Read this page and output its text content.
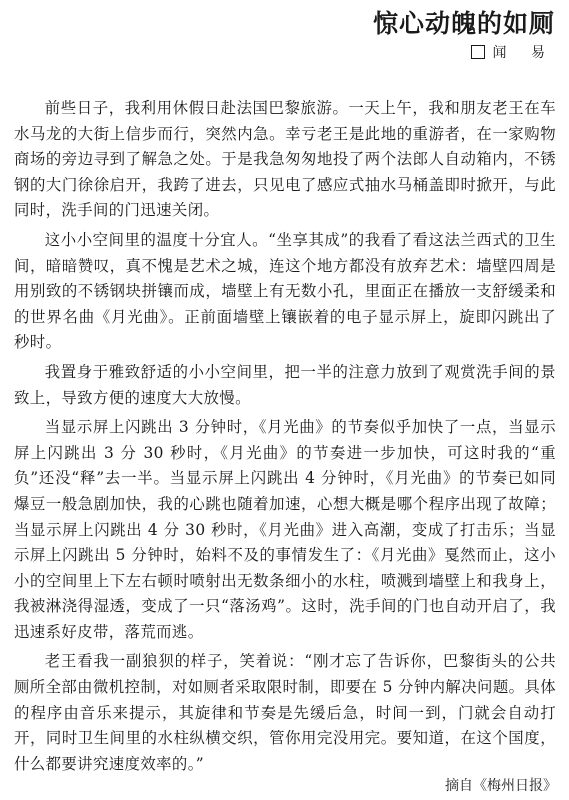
惊心动魄的如厕
闻 易

前些日子，我利用休假日赴法国巴黎旅游。一天上午，我和朋友老王在车水马龙的大街上信步而行，突然内急。幸亏老王是此地的重游者，在一家购物商场的旁边寻到了解急之处。于是我急匆匆地投了两个法郎人自动箱内，不锈钢的大门徐徐启开，我跨了进去，只见电了感应式抽水马桶盖即时掀开，与此同时，洗手间的门迅速关闭。

这小小空间里的温度十分宜人。“坐享其成”的我看了看这法兰西式的卫生间，暗暗赞叹，真不愧是艺术之城，连这个地方都没有放弃艺术：墙壁四周是用别致的不锈钢块拼镶而成，墙壁上有无数小孔，里面正在播放一支舒缓柔和的世界名曲《月光曲》。正前面墙壁上镶嵌着的电子显示屏上，旋即闪跳出了秒时。

我置身于雅致舒适的小小空间里，把一半的注意力放到了观赏洗手间的景致上，导致方便的速度大大放慢。

当显示屏上闪跳出 3 分钟时，《月光曲》的节奏似乎加快了一点，当显示屏上闪跳出 3 分 30 秒时，《月光曲》的节奏进一步加快，可这时我的“重负”还没“释”去一半。当显示屏上闪跳出 4 分钟时，《月光曲》的节奏已如同爆豆一般急剧加快，我的心跳也随着加速，心想大概是哪个程序出现了故障；当显示屏上闪跳出 4 分 30 秒时，《月光曲》进入高潮，变成了打击乐；当显示屏上闪跳出 5 分钟时，始料不及的事情发生了：《月光曲》戛然而止，这小小的空间里上下左右顿时喷射出无数条细小的水柱，喷溅到墙壁上和我身上，我被淋浇得湿透，变成了一只“落汤鸡”。这时，洗手间的门也自动开启了，我迅速系好皮带，落荒而逃。

老王看我一副狼狈的样子，笑着说：“刚才忘了告诉你，巴黎街头的公共厕所全部由微机控制，对如厕者采取限时制，即要在 5 分钟内解决问题。具体的程序由音乐来提示，其旋律和节奏是先缓后急，时间一到，门就会自动打开，同时卫生间里的水柱纵横交织，管你用完没用完。要知道，在这个国度，什么都要讲究速度效率的。”

摘自《梅州日报》
